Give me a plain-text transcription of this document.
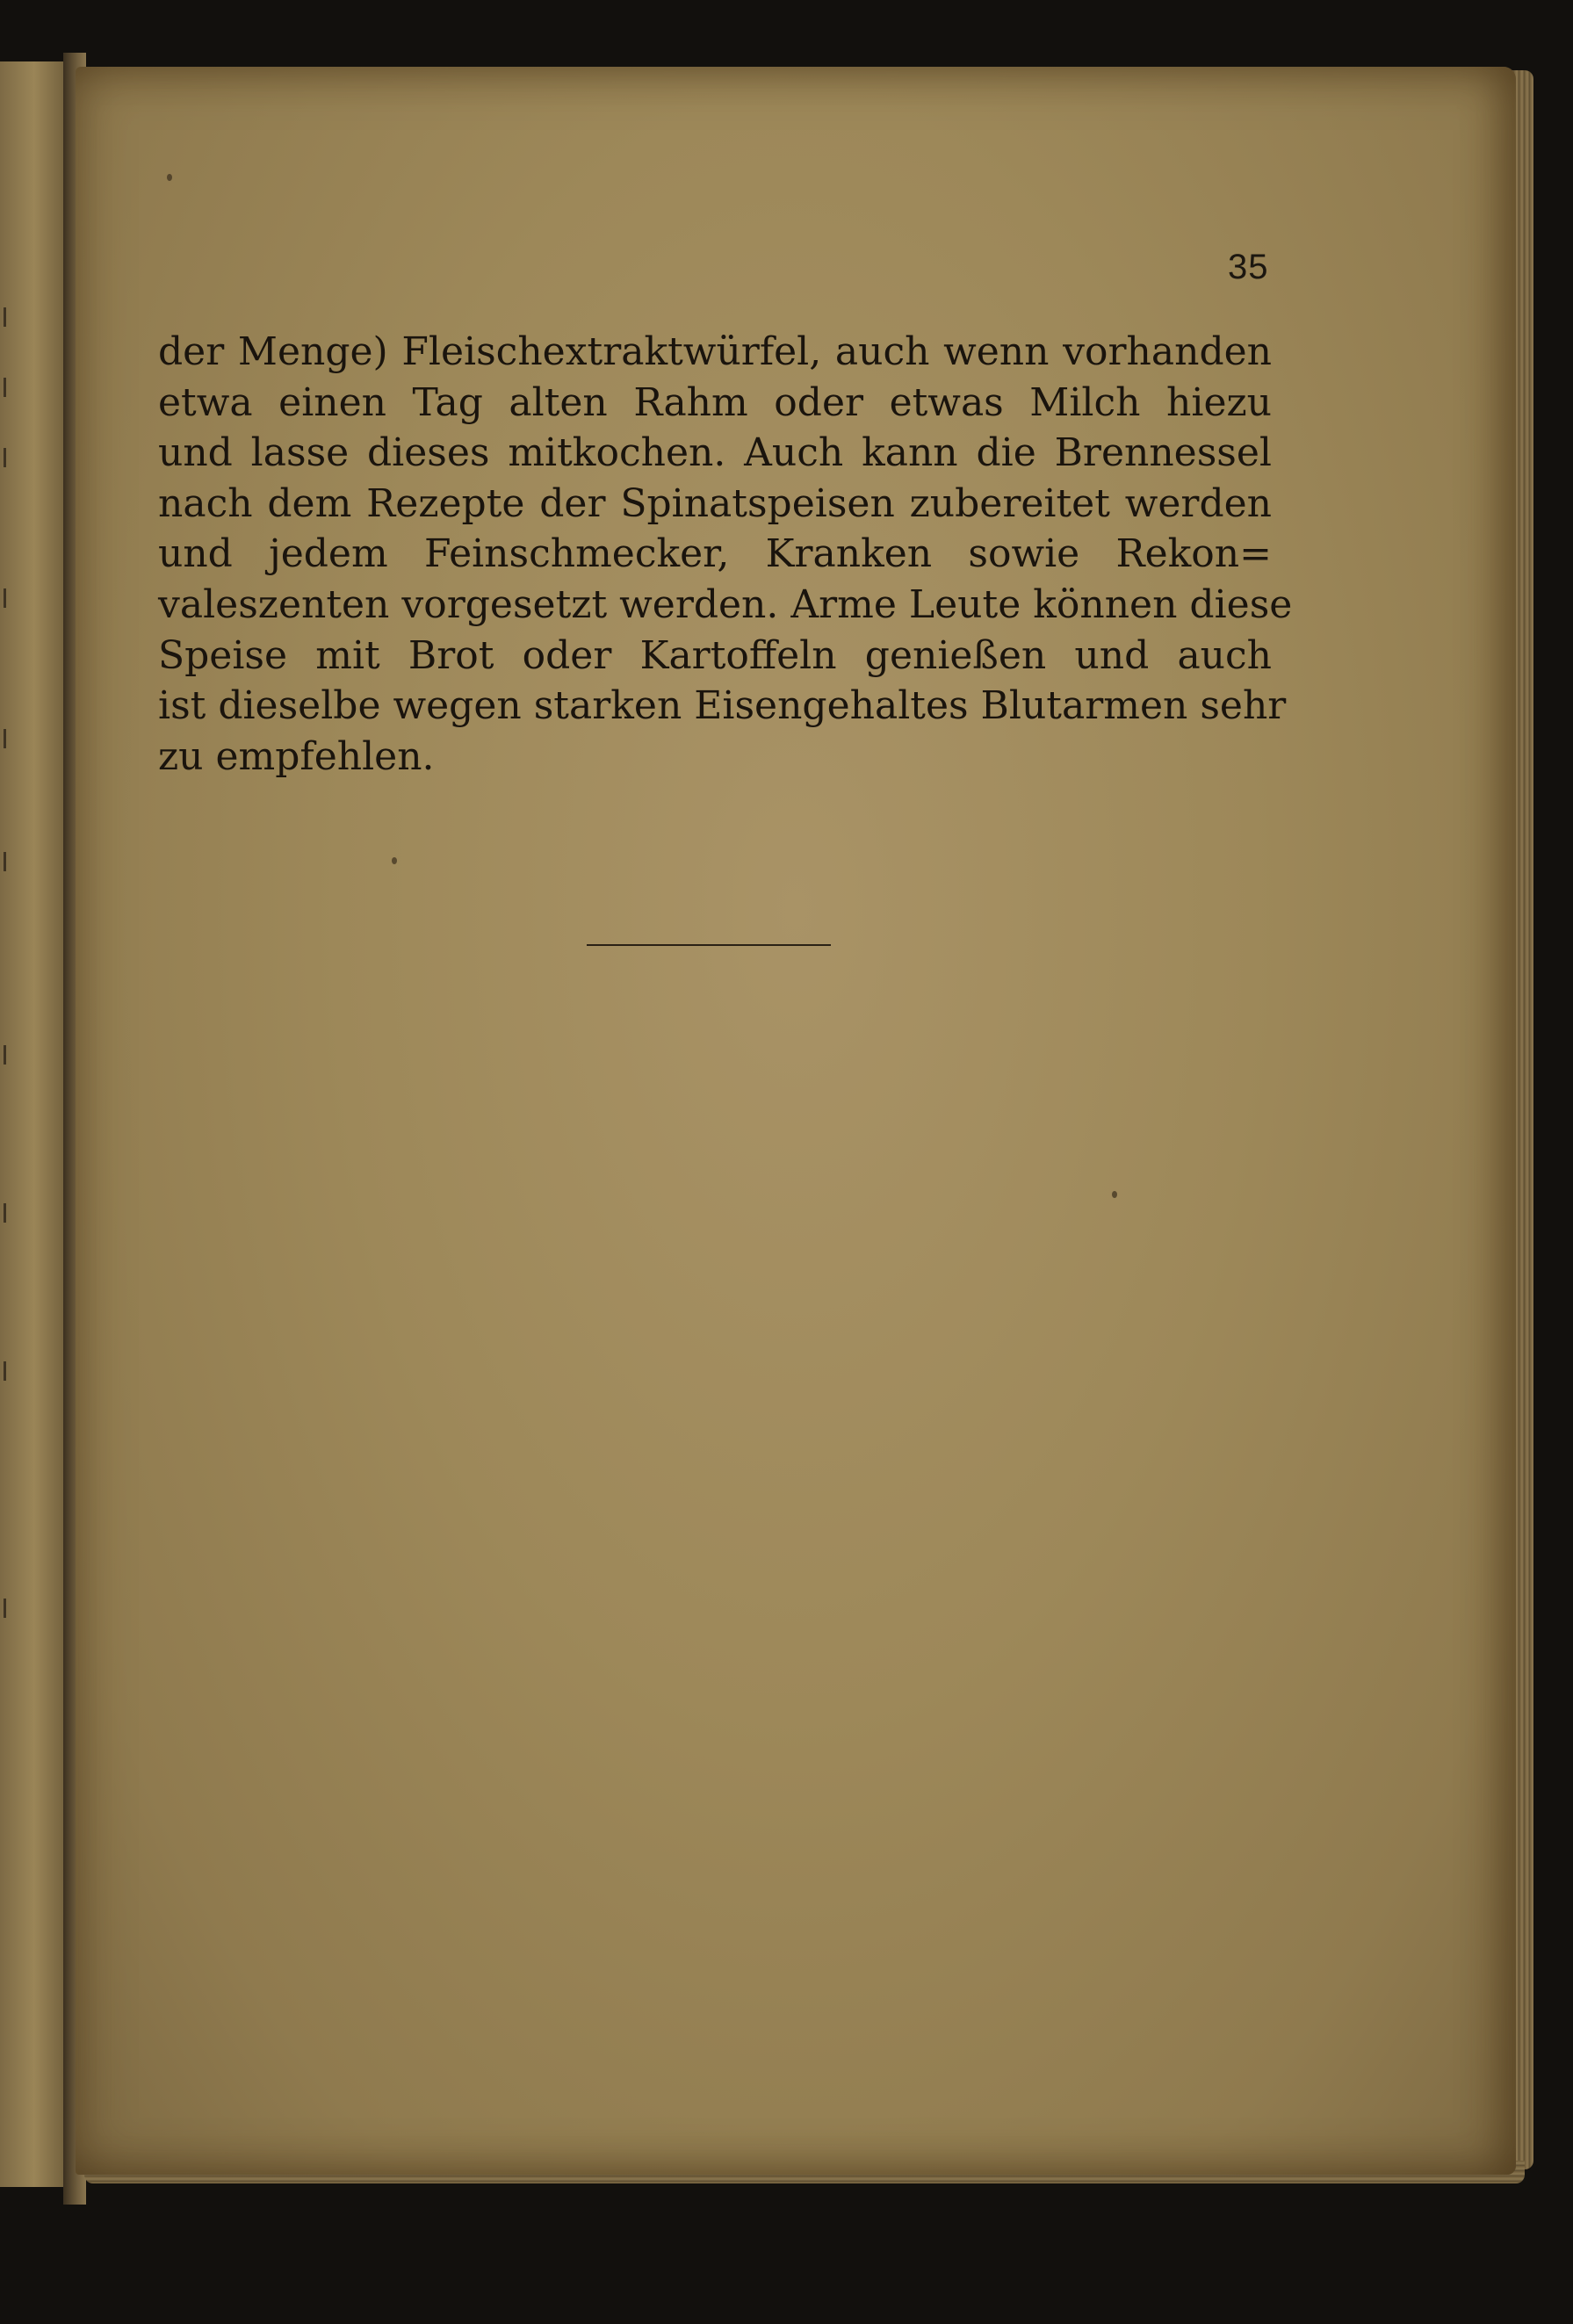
35
der Menge) Fleischextraktwürfel, auch wenn vorhanden
etwa einen Tag alten Rahm oder etwas Milch hiezu
und lasse dieses mitkochen. Auch kann die Brennessel
nach dem Rezepte der Spinatspeisen zubereitet werden
und jedem Feinschmecker, Kranken sowie Rekon=
valeszenten vorgesetzt werden. Arme Leute können diese
Speise mit Brot oder Kartoffeln genießen und auch
ist dieselbe wegen starken Eisengehaltes Blutarmen sehr
zu empfehlen.
